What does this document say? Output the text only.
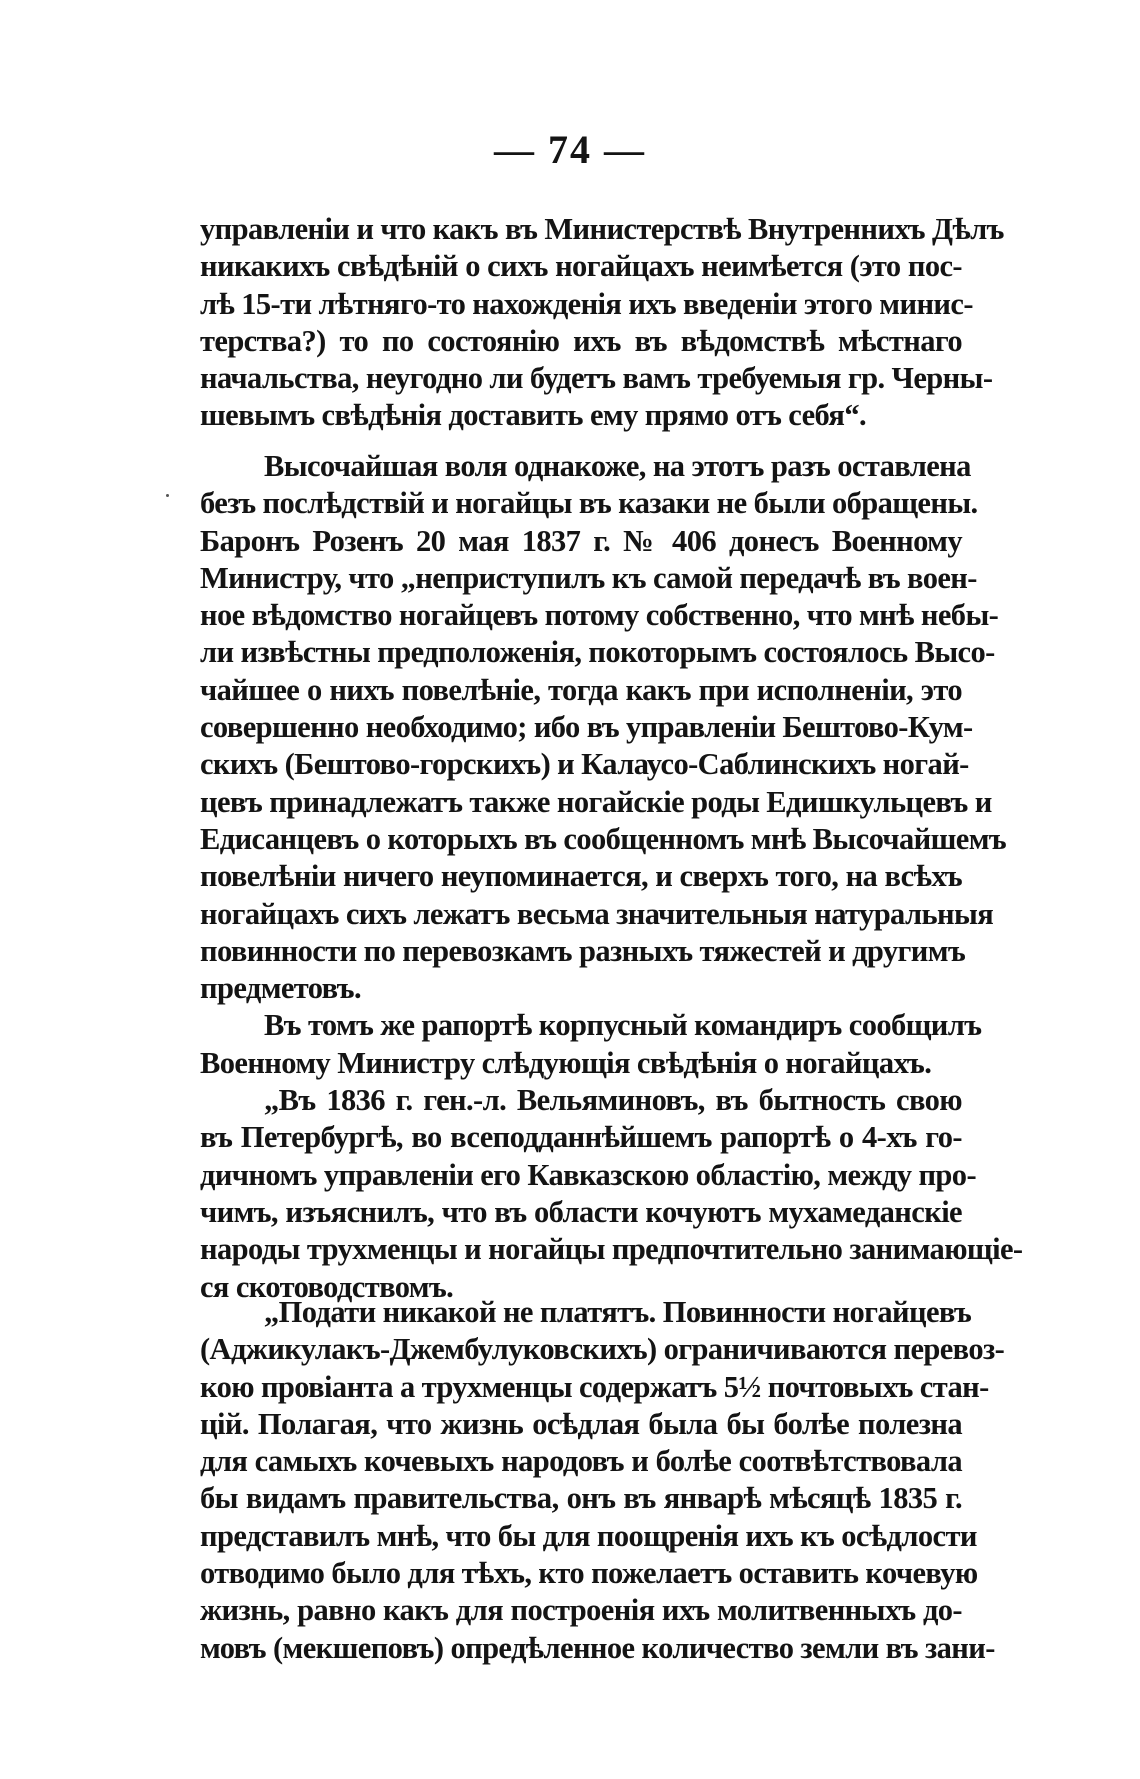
— 74 —
управленіи и что какъ въ Министерствѣ Внутреннихъ Дѣлъ
никакихъ свѣдѣній о сихъ ногайцахъ неимѣется (это пос-
лѣ 15-ти лѣтняго-то нахожденія ихъ введеніи этого минис-
терства?) то по состоянію ихъ въ вѣдомствѣ мѣстнаго
начальства, неугодно ли будетъ вамъ требуемыя гр. Черны-
шевымъ свѣдѣнія доставить ему прямо отъ себя“.
Высочайшая воля однакоже, на этотъ разъ оставлена
безъ послѣдствій и ногайцы въ казаки не были обращены.
Баронъ Розенъ 20 мая 1837 г. № 406 донесъ Военному
Министру, что „неприступилъ къ самой передачѣ въ воен-
ное вѣдомство ногайцевъ потому собственно, что мнѣ небы-
ли извѣстны предположенія, покоторымъ состоялось Высо-
чайшее о нихъ повелѣніе, тогда какъ при исполненіи, это
совершенно необходимо; ибо въ управленіи Бештово-Кум-
скихъ (Бештово-горскихъ) и Калаусо-Саблинскихъ ногай-
цевъ принадлежатъ также ногайскіе роды Едишкульцевъ и
Едисанцевъ о которыхъ въ сообщенномъ мнѣ Высочайшемъ
повелѣніи ничего неупоминается, и сверхъ того, на всѣхъ
ногайцахъ сихъ лежатъ весьма значительныя натуральныя
повинности по перевозкамъ разныхъ тяжестей и другимъ
предметовъ.
Въ томъ же рапортѣ корпусный командиръ сообщилъ
Военному Министру слѣдующія свѣдѣнія о ногайцахъ.
„Въ 1836 г. ген.-л. Вельяминовъ, въ бытность свою
въ Петербургѣ, во всеподданнѣйшемъ рапортѣ о 4-хъ го-
дичномъ управленіи его Кавказскою областію, между про-
чимъ, изъяснилъ, что въ области кочуютъ мухамеданскіе
народы трухменцы и ногайцы предпочтительно занимающіе-
ся скотоводствомъ.
„Подати никакой не платятъ. Повинности ногайцевъ
(Аджикулакъ-Джембулуковскихъ) ограничиваются перевоз-
кою провіанта а трухменцы содержатъ 5½ почтовыхъ стан-
цій. Полагая, что жизнь осѣдлая была бы болѣе полезна
для самыхъ кочевыхъ народовъ и болѣе соотвѣтствовала
бы видамъ правительства, онъ въ январѣ мѣсяцѣ 1835 г.
представилъ мнѣ, что бы для поощренія ихъ къ осѣдлости
отводимо было для тѣхъ, кто пожелаетъ оставить кочевую
жизнь, равно какъ для построенія ихъ молитвенныхъ до-
мовъ (мекшеповъ) опредѣленное количество земли въ зани-
